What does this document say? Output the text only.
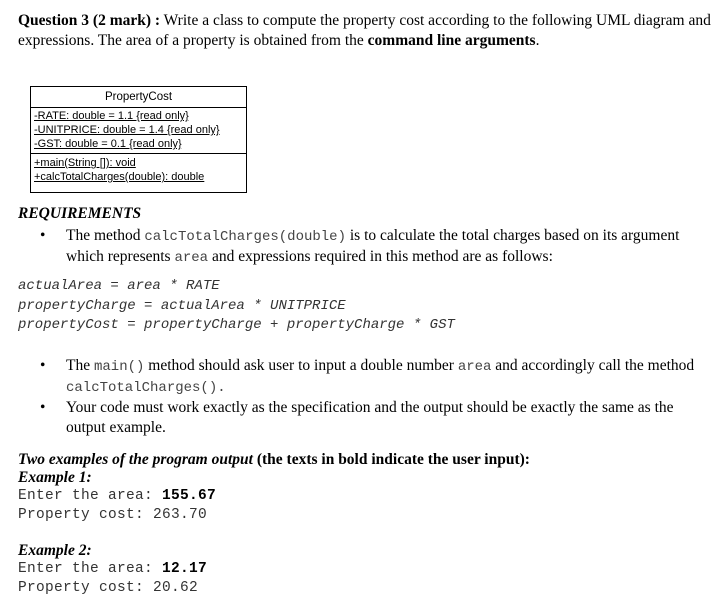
Question 3 (2 mark) : Write a class to compute the property cost according to the following UML diagram and expressions. The area of a property is obtained from the command line arguments.
PropertyCost
-RATE: double = 1.1 {read only}
-UNITPRICE: double = 1.4 {read only}
-GST: double = 0.1 {read only}
+main(String []): void
+calcTotalCharges(double): double
REQUIREMENTS
• The method calcTotalCharges(double) is to calculate the total charges based on its argument which represents area and expressions required in this method are as follows:
actualArea = area * RATE
propertyCharge = actualArea * UNITPRICE
propertyCost = propertyCharge + propertyCharge * GST
• The main() method should ask user to input a double number area and accordingly call the method calcTotalCharges().
• Your code must work exactly as the specification and the output should be exactly the same as the output example.
Two examples of the program output (the texts in bold indicate the user input):
Example 1:
Enter the area: 155.67
Property cost: 263.70
Example 2:
Enter the area: 12.17
Property cost: 20.62
